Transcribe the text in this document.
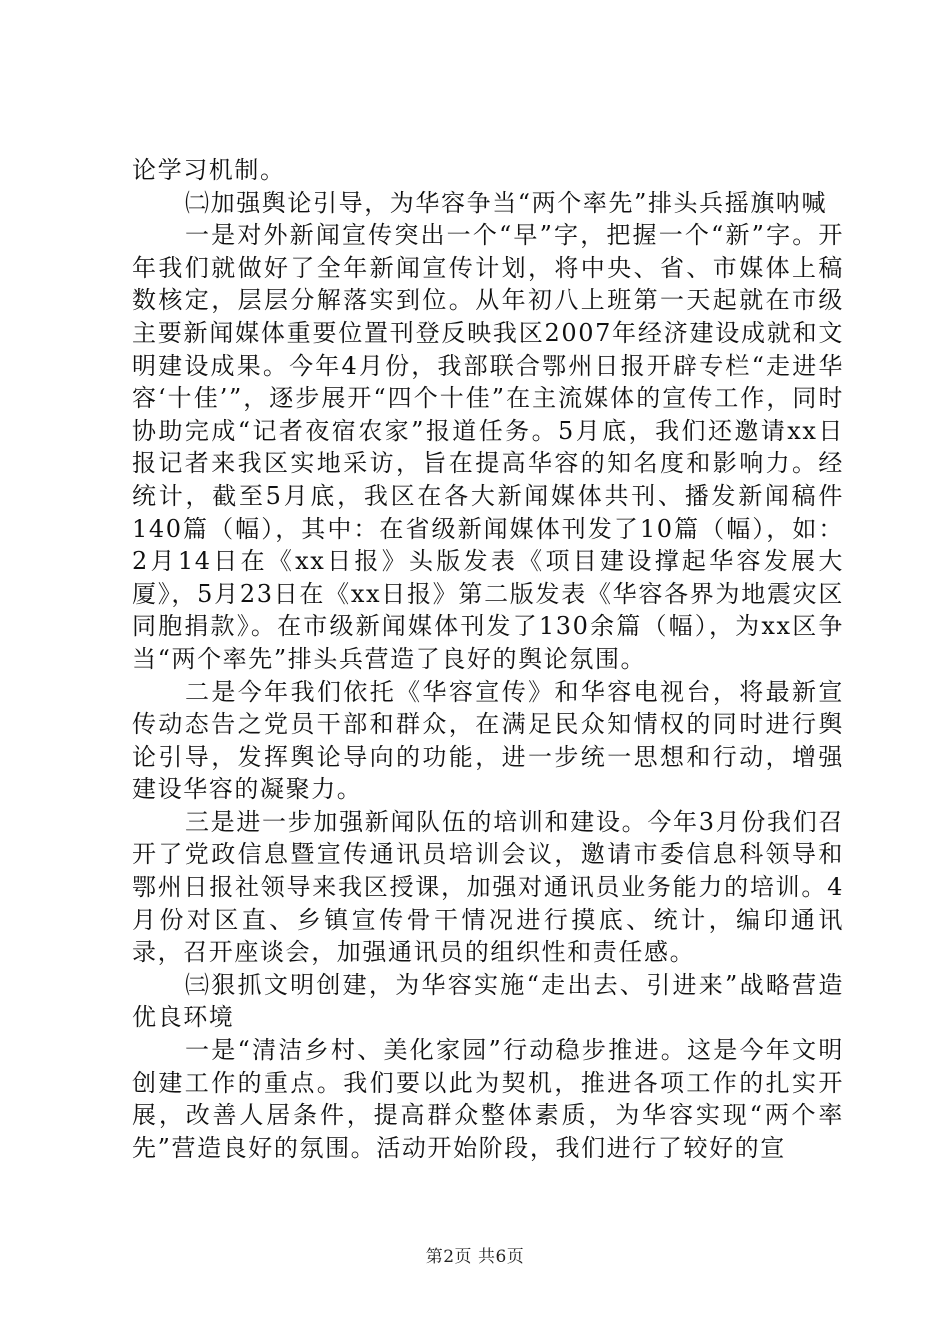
论学习机制。

㈡加强舆论引导，为华容争当“两个率先”排头兵摇旗呐喊

一是对外新闻宣传突出一个“早”字，把握一个“新”字。开年我们就做好了全年新闻宣传计划，将中央、省、市媒体上稿数核定，层层分解落实到位。从年初八上班第一天起就在市级主要新闻媒体重要位置刊登反映我区2007年经济建设成就和文明建设成果。今年4月份，我部联合鄂州日报开辟专栏“走进华容‘十佳’”，逐步展开“四个十佳”在主流媒体的宣传工作，同时协助完成“记者夜宿农家”报道任务。5月底，我们还邀请xx日报记者来我区实地采访，旨在提高华容的知名度和影响力。经统计，截至5月底，我区在各大新闻媒体共刊、播发新闻稿件140篇（幅），其中：在省级新闻媒体刊发了10篇（幅），如：2月14日在《xx日报》头版发表《项目建设撑起华容发展大厦》，5月23日在《xx日报》第二版发表《华容各界为地震灾区同胞捐款》。在市级新闻媒体刊发了130余篇（幅），为xx区争当“两个率先”排头兵营造了良好的舆论氛围。

二是今年我们依托《华容宣传》和华容电视台，将最新宣传动态告之党员干部和群众，在满足民众知情权的同时进行舆论引导，发挥舆论导向的功能，进一步统一思想和行动，增强建设华容的凝聚力。

三是进一步加强新闻队伍的培训和建设。今年3月份我们召开了党政信息暨宣传通讯员培训会议，邀请市委信息科领导和鄂州日报社领导来我区授课，加强对通讯员业务能力的培训。4月份对区直、乡镇宣传骨干情况进行摸底、统计，编印通讯录，召开座谈会，加强通讯员的组织性和责任感。

㈢狠抓文明创建，为华容实施“走出去、引进来”战略营造优良环境

一是“清洁乡村、美化家园”行动稳步推进。这是今年文明创建工作的重点。我们要以此为契机，推进各项工作的扎实开展，改善人居条件，提高群众整体素质，为华容实现“两个率先”营造良好的氛围。活动开始阶段，我们进行了较好的宣

第2页 共6页
